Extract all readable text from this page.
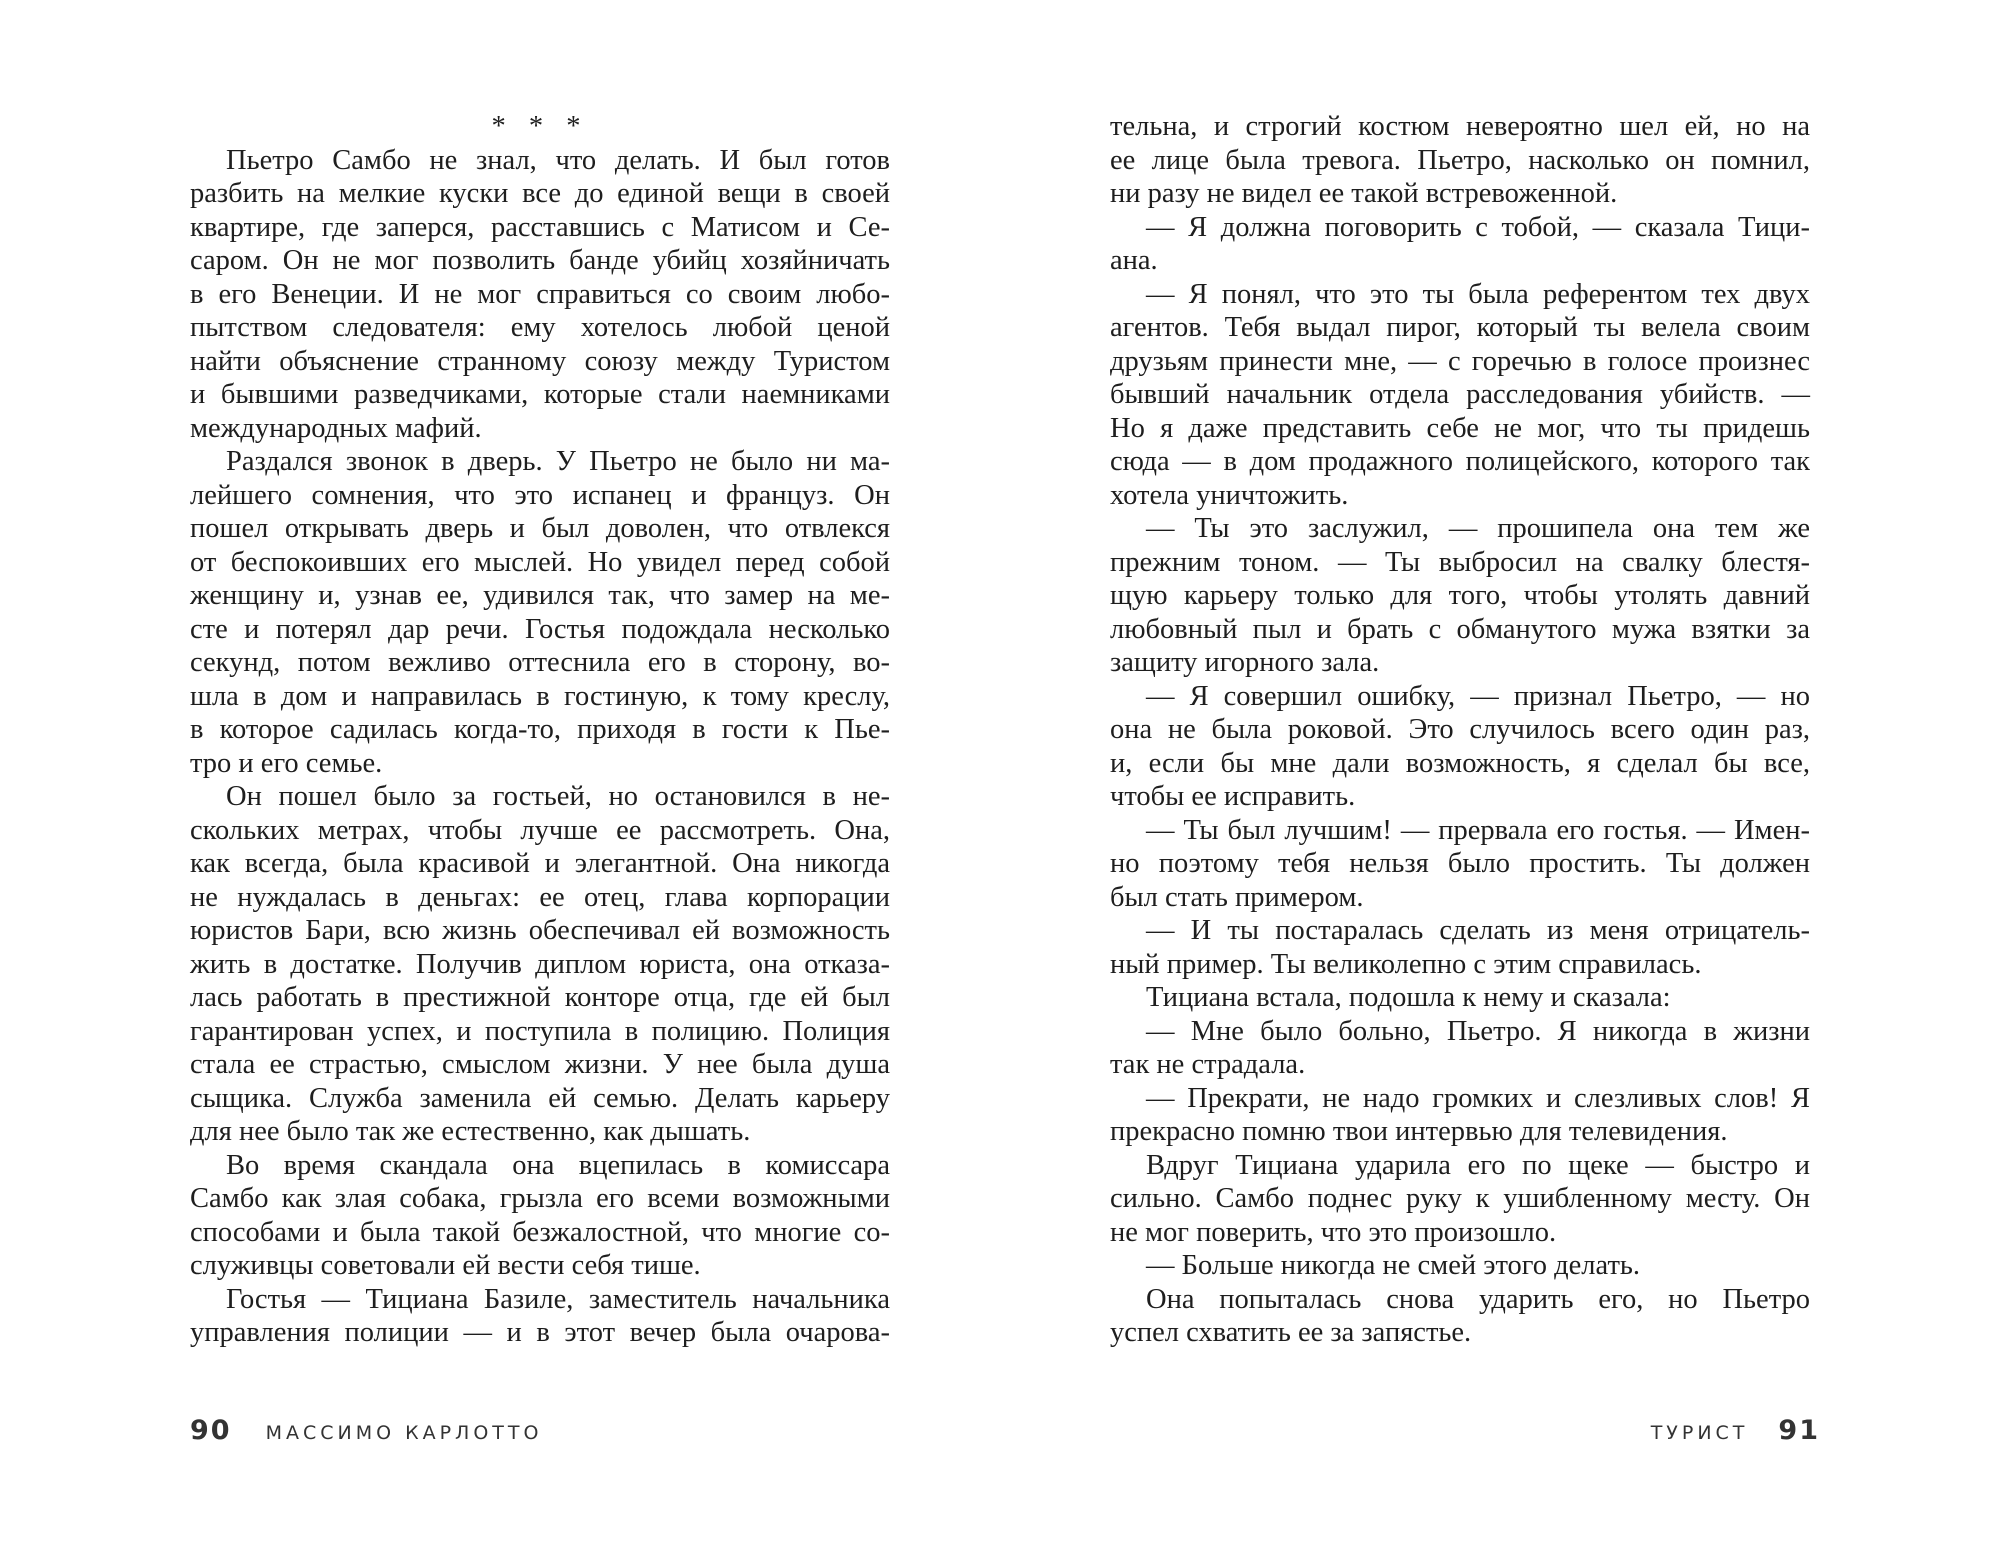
* * *
Пьетро Самбо не знал, что делать. И был готов
разбить на мелкие куски все до единой вещи в своей
квартире, где заперся, расставшись с Матисом и Се-
саром. Он не мог позволить банде убийц хозяйничать
в его Венеции. И не мог справиться со своим любо-
пытством следователя: ему хотелось любой ценой
найти объяснение странному союзу между Туристом
и бывшими разведчиками, которые стали наемниками
международных мафий.
Раздался звонок в дверь. У Пьетро не было ни ма-
лейшего сомнения, что это испанец и француз. Он
пошел открывать дверь и был доволен, что отвлекся
от беспокоивших его мыслей. Но увидел перед собой
женщину и, узнав ее, удивился так, что замер на ме-
сте и потерял дар речи. Гостья подождала несколько
секунд, потом вежливо оттеснила его в сторону, во-
шла в дом и направилась в гостиную, к тому креслу,
в которое садилась когда-то, приходя в гости к Пье-
тро и его семье.
Он пошел было за гостьей, но остановился в не-
скольких метрах, чтобы лучше ее рассмотреть. Она,
как всегда, была красивой и элегантной. Она никогда
не нуждалась в деньгах: ее отец, глава корпорации
юристов Бари, всю жизнь обеспечивал ей возможность
жить в достатке. Получив диплом юриста, она отказа-
лась работать в престижной конторе отца, где ей был
гарантирован успех, и поступила в полицию. Полиция
стала ее страстью, смыслом жизни. У нее была душа
сыщика. Служба заменила ей семью. Делать карьеру
для нее было так же естественно, как дышать.
Во время скандала она вцепилась в комиссара
Самбо как злая собака, грызла его всеми возможными
способами и была такой безжалостной, что многие со-
служивцы советовали ей вести себя тише.
Гостья — Тициана Базиле, заместитель начальника
управления полиции — и в этот вечер была очарова-
тельна, и строгий костюм невероятно шел ей, но на
ее лице была тревога. Пьетро, насколько он помнил,
ни разу не видел ее такой встревоженной.
— Я должна поговорить с тобой, — сказала Тици-
ана.
— Я понял, что это ты была референтом тех двух
агентов. Тебя выдал пирог, который ты велела своим
друзьям принести мне, — с горечью в голосе произнес
бывший начальник отдела расследования убийств. —
Но я даже представить себе не мог, что ты придешь
сюда — в дом продажного полицейского, которого так
хотела уничтожить.
— Ты это заслужил, — прошипела она тем же
прежним тоном. — Ты выбросил на свалку блестя-
щую карьеру только для того, чтобы утолять давний
любовный пыл и брать с обманутого мужа взятки за
защиту игорного зала.
— Я совершил ошибку, — признал Пьетро, — но
она не была роковой. Это случилось всего один раз,
и, если бы мне дали возможность, я сделал бы все,
чтобы ее исправить.
— Ты был лучшим! — прервала его гостья. — Имен-
но поэтому тебя нельзя было простить. Ты должен
был стать примером.
— И ты постаралась сделать из меня отрицатель-
ный пример. Ты великолепно с этим справилась.
Тициана встала, подошла к нему и сказала:
— Мне было больно, Пьетро. Я никогда в жизни
так не страдала.
— Прекрати, не надо громких и слезливых слов! Я
прекрасно помню твои интервью для телевидения.
Вдруг Тициана ударила его по щеке — быстро и
сильно. Самбо поднес руку к ушибленному месту. Он
не мог поверить, что это произошло.
— Больше никогда не смей этого делать.
Она попыталась снова ударить его, но Пьетро
успел схватить ее за запястье.
90 МАССИМО КАРЛОТТО	ТУРИСТ 91
